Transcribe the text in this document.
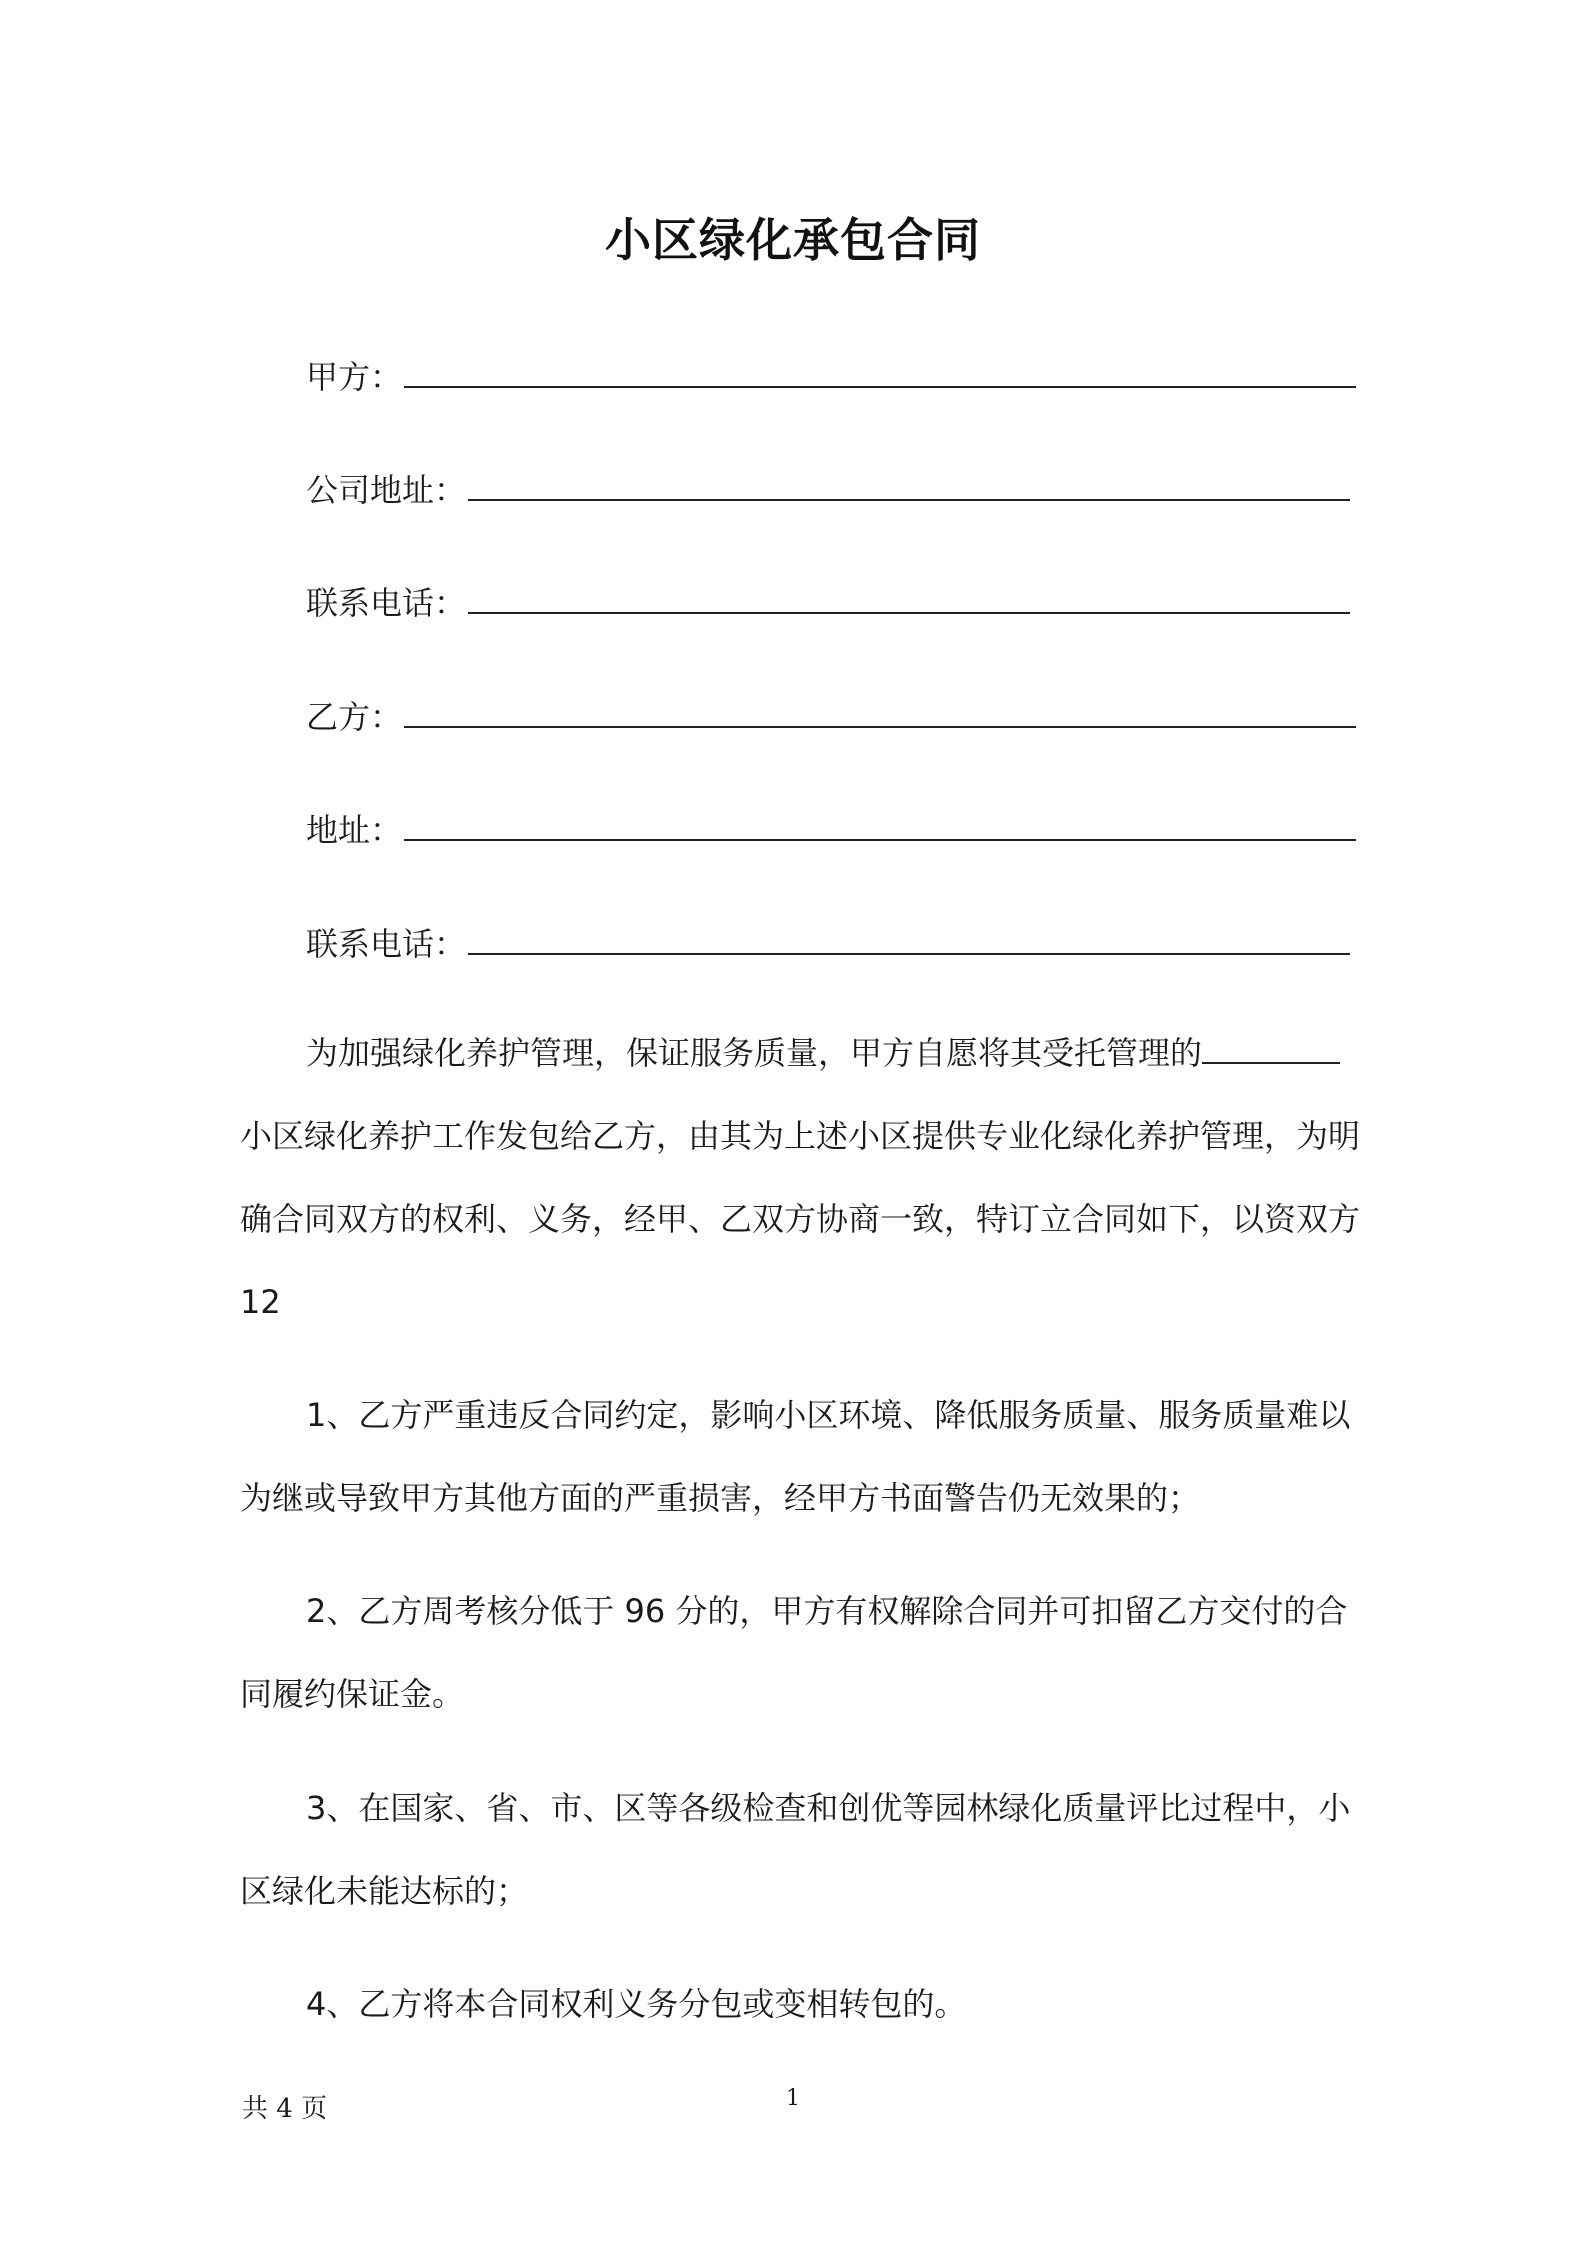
小区绿化承包合同
甲方：
公司地址：
联系电话：
乙方：
地址：
联系电话：
为加强绿化养护管理，保证服务质量，甲方自愿将其受托管理的
小区绿化养护工作发包给乙方，由其为上述小区提供专业化绿化养护管理，为明
确合同双方的权利、义务，经甲、乙双方协商一致，特订立合同如下，以资双方
12
1、乙方严重违反合同约定，影响小区环境、降低服务质量、服务质量难以
为继或导致甲方其他方面的严重损害，经甲方书面警告仍无效果的；
2、乙方周考核分低于 96 分的，甲方有权解除合同并可扣留乙方交付的合
同履约保证金。
3、在国家、省、市、区等各级检查和创优等园林绿化质量评比过程中，小
区绿化未能达标的；
4、乙方将本合同权利义务分包或变相转包的。
共 4 页	1
